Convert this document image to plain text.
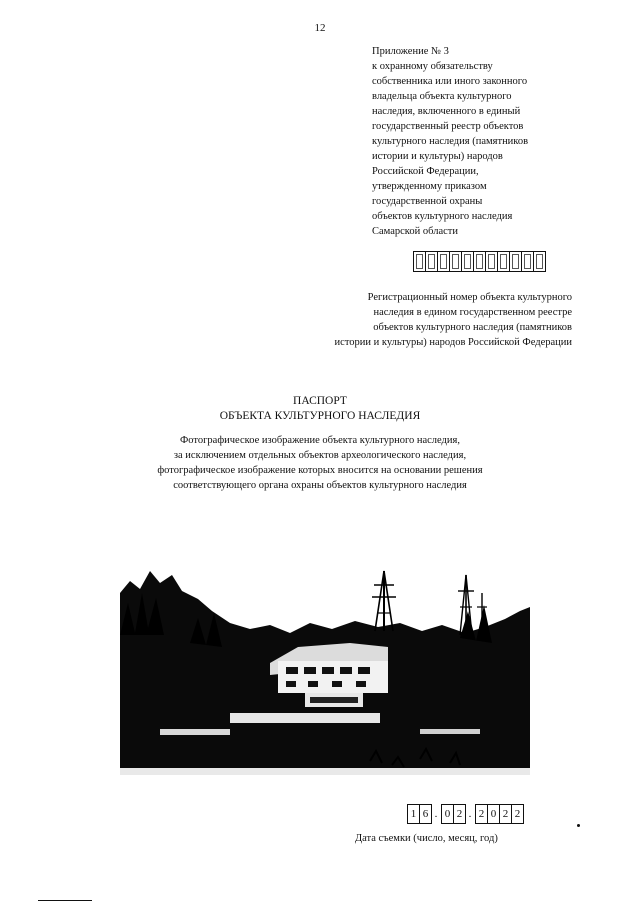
12
Приложение № 3
к охранному обязательству
собственника или иного законного
владельца объекта культурного
наследия, включенного в единый
государственный реестр объектов
культурного наследия (памятников
истории и культуры) народов
Российской Федерации,
утвержденному приказом
государственной охраны
объектов культурного наследия
Самарской области
Регистрационный номер объекта культурного
наследия в едином государственном реестре
объектов культурного наследия (памятников
истории и культуры) народов Российской Федерации
ПАСПОРТ
ОБЪЕКТА КУЛЬТУРНОГО НАСЛЕДИЯ
Фотографическое изображение объекта культурного наследия,
за исключением отдельных объектов археологического наследия,
фотографическое изображение которых вносится на основании решения
соответствующего органа охраны объектов культурного наследия
1 6 . 0 2 . 2 0 2 2
Дата съемки (число, месяц, год)
